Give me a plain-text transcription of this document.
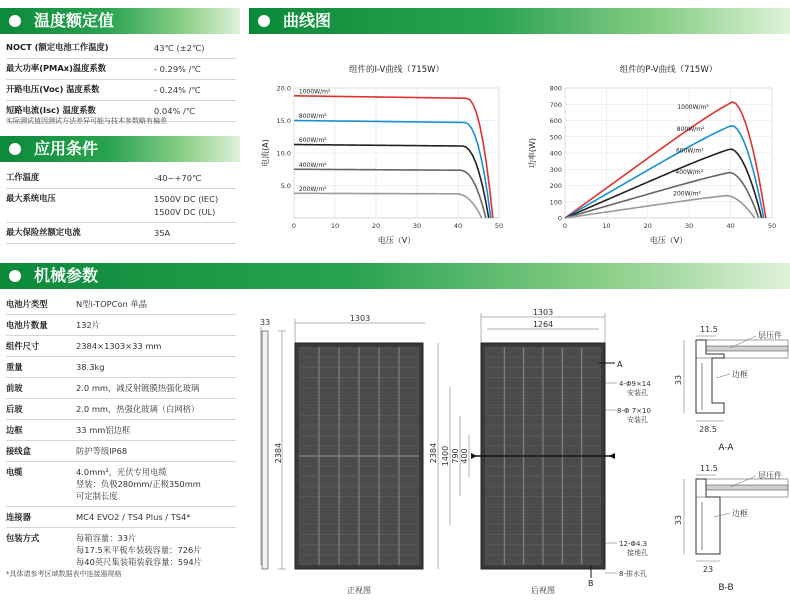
温度额定值	曲线图
应用条件
机械参数
NOCT (额定电池工作温度)	43℃ (±2℃)
最大功率(PMAx)温度系数	- 0.29% /℃
开路电压(Voc) 温度系数	- 0.24% /℃
短路电流(Isc) 温度系数	0.04% /℃
实际测试值因测试方法差异可能与技术参数略有偏差
工作温度	-40~+70℃
最大系统电压	1500V DC (IEC)
1500V DC (UL)
最大保险丝额定电流	35A
电池片类型	N型i-TOPCon 单晶
电池片数量	132片
组件尺寸	2384×1303×33 mm
重量	38.3kg
前玻	2.0 mm，减反射镀膜热强化玻璃
后玻	2.0 mm，热强化玻璃（白网格）
边框	33 mm铝边框
接线盒	防护等级IP68
电缆	4.0mm²，光伏专用电缆
竖装：负极280mm/正极350mm
可定制长度
连接器	MC4 EVO2 / TS4 Plus / TS4*
包装方式	每箱容量：33片
每17.5米平板车装载容量：726片
每40英尺集装箱装载容量：594片
*具体请参考区域数据表中连接器规格
组件的I-V曲线（715W）
5.0
10.0
15.0
20.0
0	10	20	30	40	50
电压（V）
电流(A)
1000W/m²
800W/m²
600W/m²
400W/m²
200W/m²
组件的P-V曲线（715W）
0
100
200
300
400
500
600
700
800
0	10	20	30	40	50
电压（V）
功率(W)
1000W/m²
800W/m²
600W/m²
400W/m²
200W/m²
33
2384
1303
正视图
1303
1264
2384 1400 790 400
A
B
4-Φ9×14
安装孔
8-Φ 7×10
安装孔
12-Φ4.3
接地孔
8-排水孔
后视图
11.5
33
28.5
层压件
边框
A-A
11.5
33
23
层压件
边框
B-B
